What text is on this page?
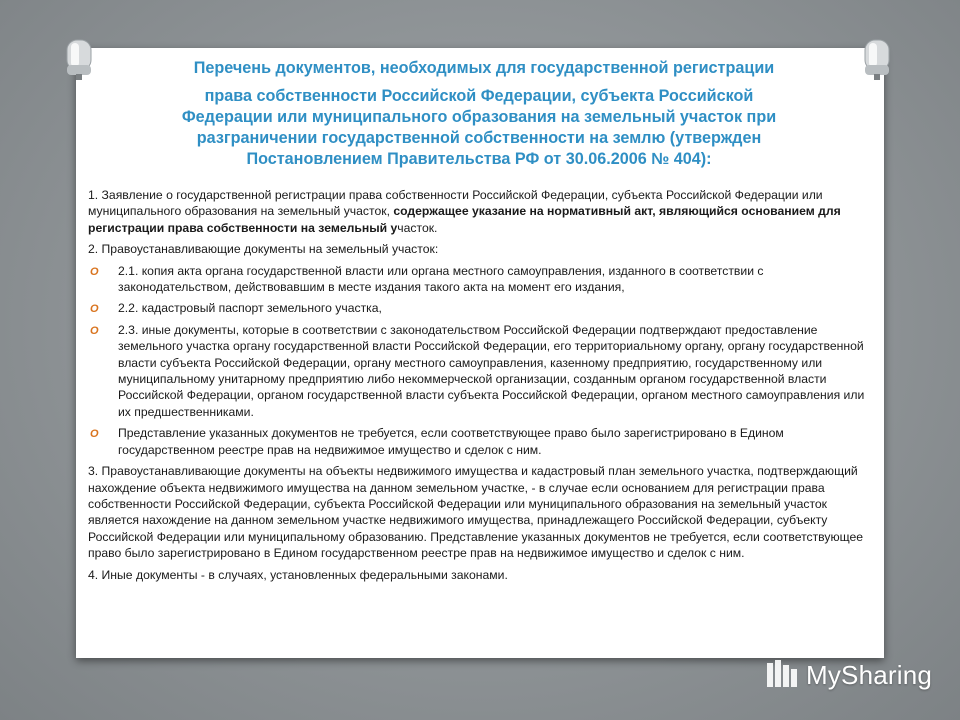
Перечень документов, необходимых для государственной регистрации
права собственности Российской Федерации, субъекта Российской
Федерации или муниципального образования на земельный участок при
разграничении государственной собственности на землю (утвержден
Постановлением Правительства РФ от 30.06.2006 № 404):

1. Заявление о государственной регистрации права собственности Российской Федерации, субъекта Российской Федерации или муниципального образования на земельный участок, содержащее указание на нормативный акт, являющийся основанием для регистрации права собственности на земельный участок.

2. Правоустанавливающие документы на земельный участок:

O 2.1. копия акта органа государственной власти или органа местного самоуправления, изданного в соответствии с законодательством, действовавшим в месте издания такого акта на момент его издания,

O 2.2. кадастровый паспорт земельного участка,

O 2.3. иные документы, которые в соответствии с законодательством Российской Федерации подтверждают предоставление земельного участка органу государственной власти Российской Федерации, его территориальному органу, органу государственной власти субъекта Российской Федерации, органу местного самоуправления, казенному предприятию, государственному или муниципальному унитарному предприятию либо некоммерческой организации, созданным органом государственной власти Российской Федерации, органом государственной власти субъекта Российской Федерации, органом местного самоуправления или их предшественниками.

O Представление указанных документов не требуется, если соответствующее право было зарегистрировано в Едином государственном реестре прав на недвижимое имущество и сделок с ним.

3. Правоустанавливающие документы на объекты недвижимого имущества и кадастровый план земельного участка, подтверждающий нахождение объекта недвижимого имущества на данном земельном участке, - в случае если основанием для регистрации права собственности Российской Федерации, субъекта Российской Федерации или муниципального образования на земельный участок является нахождение на данном земельном участке недвижимого имущества, принадлежащего Российской Федерации, субъекту Российской Федерации или муниципальному образованию. Представление указанных документов не требуется, если соответствующее право было зарегистрировано в Едином государственном реестре прав на недвижимое имущество и сделок с ним.

4. Иные документы - в случаях, установленных федеральными законами.

MySharing
